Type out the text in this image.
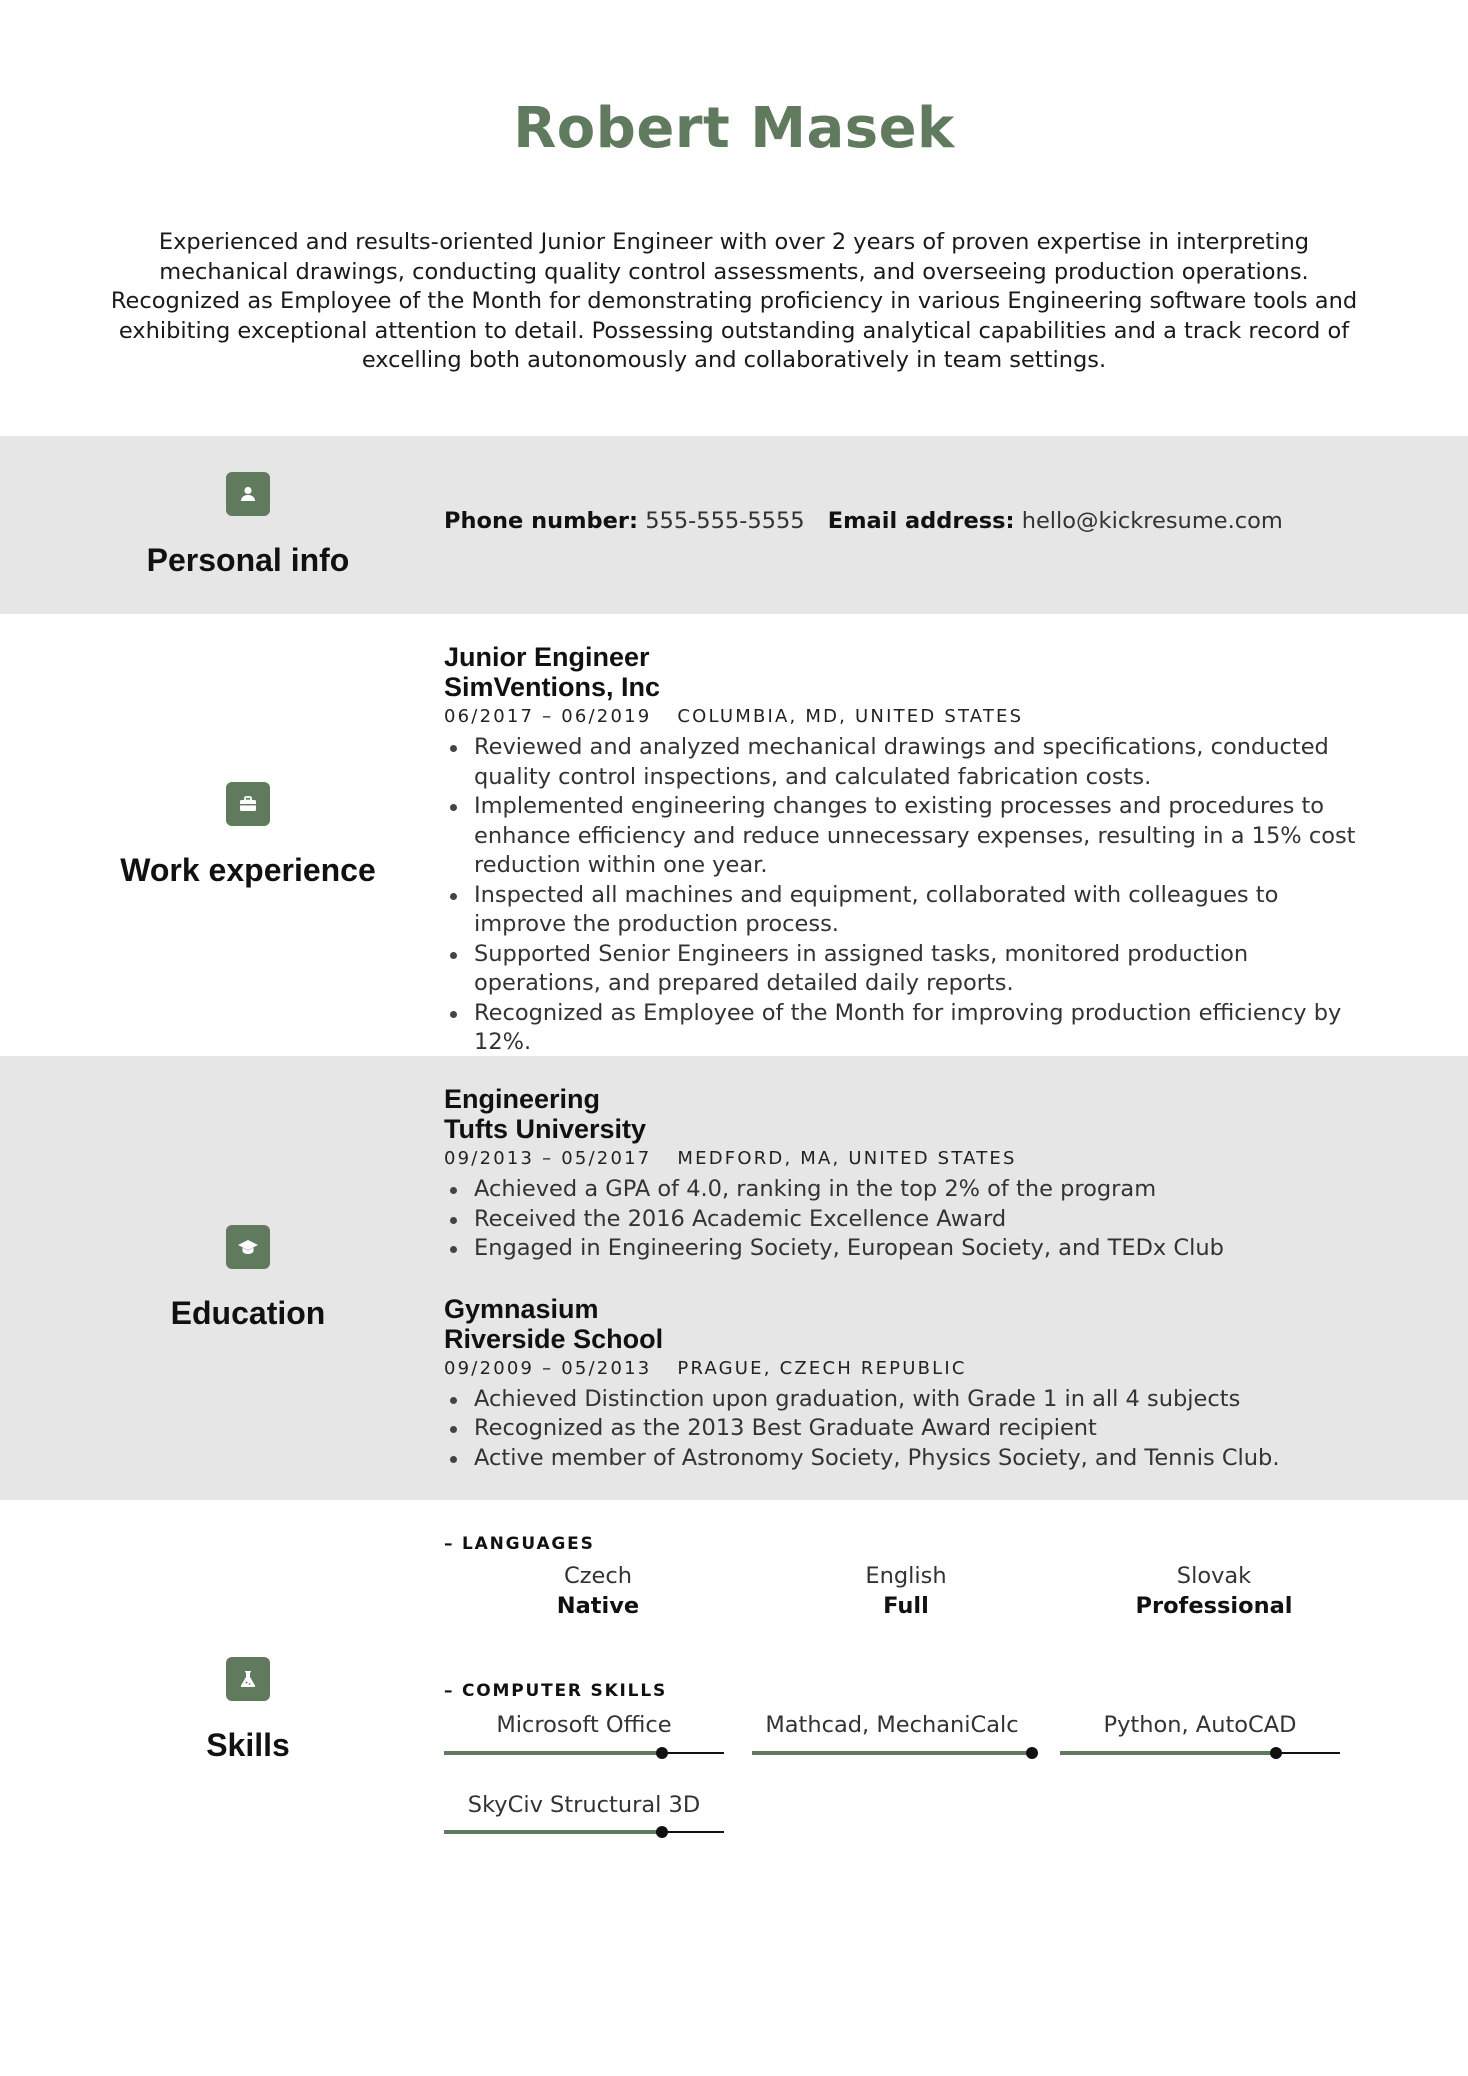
Robert Masek

Experienced and results-oriented Junior Engineer with over 2 years of proven expertise in interpreting mechanical drawings, conducting quality control assessments, and overseeing production operations. Recognized as Employee of the Month for demonstrating proficiency in various Engineering software tools and exhibiting exceptional attention to detail. Possessing outstanding analytical capabilities and a track record of excelling both autonomously and collaboratively in team settings.

Personal info
Phone number: 555-555-5555 Email address: hello@kickresume.com
Work experience
Junior Engineer
SimVentions, Inc
06/2017 – 06/2019 COLUMBIA, MD, UNITED STATES
Reviewed and analyzed mechanical drawings and specifications, conducted quality control inspections, and calculated fabrication costs.
Implemented engineering changes to existing processes and procedures to enhance efficiency and reduce unnecessary expenses, resulting in a 15% cost reduction within one year.
Inspected all machines and equipment, collaborated with colleagues to improve the production process.
Supported Senior Engineers in assigned tasks, monitored production operations, and prepared detailed daily reports.
Recognized as Employee of the Month for improving production efficiency by 12%.
Education
Engineering
Tufts University
09/2013 – 05/2017 MEDFORD, MA, UNITED STATES
Achieved a GPA of 4.0, ranking in the top 2% of the program
Received the 2016 Academic Excellence Award
Engaged in Engineering Society, European Society, and TEDx Club
Gymnasium
Riverside School
09/2009 – 05/2013 PRAGUE, CZECH REPUBLIC
Achieved Distinction upon graduation, with Grade 1 in all 4 subjects
Recognized as the 2013 Best Graduate Award recipient
Active member of Astronomy Society, Physics Society, and Tennis Club.
Skills
– LANGUAGES
Czech
Native
English
Full
Slovak
Professional
– COMPUTER SKILLS
Microsoft Office	Mathcad, MechaniCalc	Python, AutoCAD
SkyCiv Structural 3D
